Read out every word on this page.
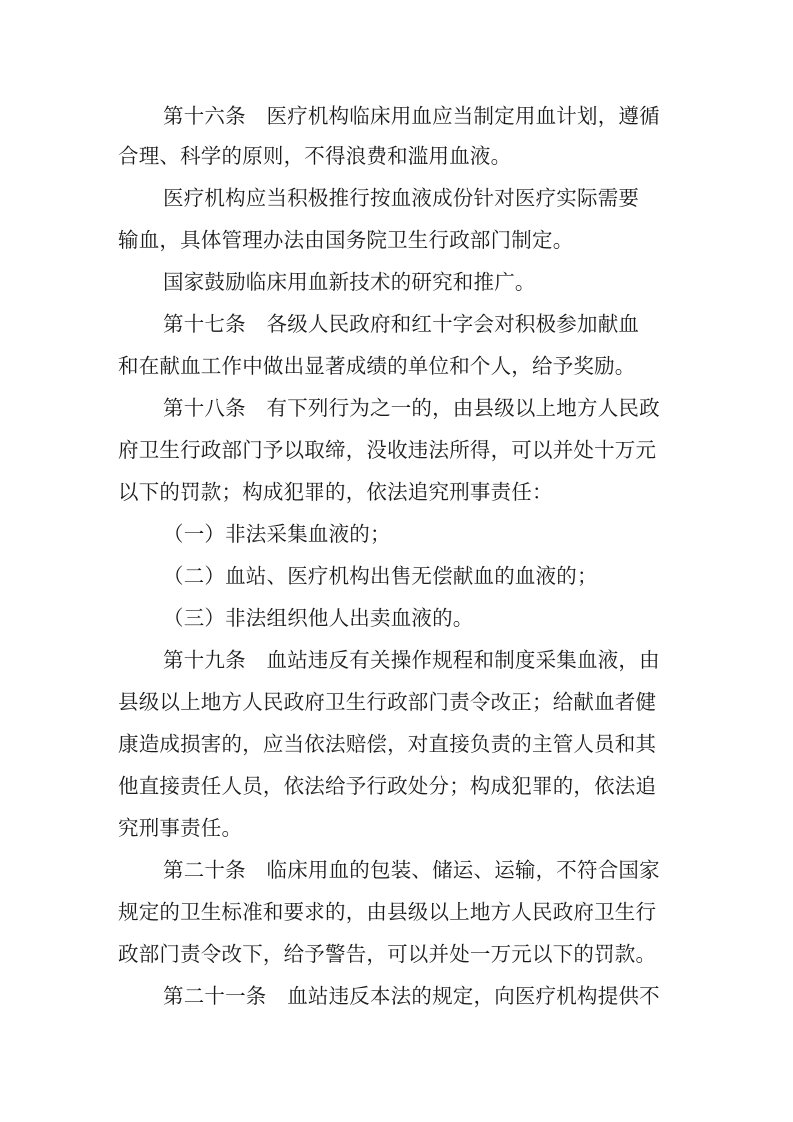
第十六条　医疗机构临床用血应当制定用血计划，遵循
合理、科学的原则，不得浪费和滥用血液。
医疗机构应当积极推行按血液成份针对医疗实际需要
输血，具体管理办法由国务院卫生行政部门制定。
国家鼓励临床用血新技术的研究和推广。
第十七条　各级人民政府和红十字会对积极参加献血
和在献血工作中做出显著成绩的单位和个人，给予奖励。
第十八条　有下列行为之一的，由县级以上地方人民政
府卫生行政部门予以取缔，没收违法所得，可以并处十万元
以下的罚款；构成犯罪的，依法追究刑事责任：
（一）非法采集血液的；
（二）血站、医疗机构出售无偿献血的血液的；
（三）非法组织他人出卖血液的。
第十九条　血站违反有关操作规程和制度采集血液，由
县级以上地方人民政府卫生行政部门责令改正；给献血者健
康造成损害的，应当依法赔偿，对直接负责的主管人员和其
他直接责任人员，依法给予行政处分；构成犯罪的，依法追
究刑事责任。
第二十条　临床用血的包装、储运、运输，不符合国家
规定的卫生标准和要求的，由县级以上地方人民政府卫生行
政部门责令改下，给予警告，可以并处一万元以下的罚款。
第二十一条　血站违反本法的规定，向医疗机构提供不
